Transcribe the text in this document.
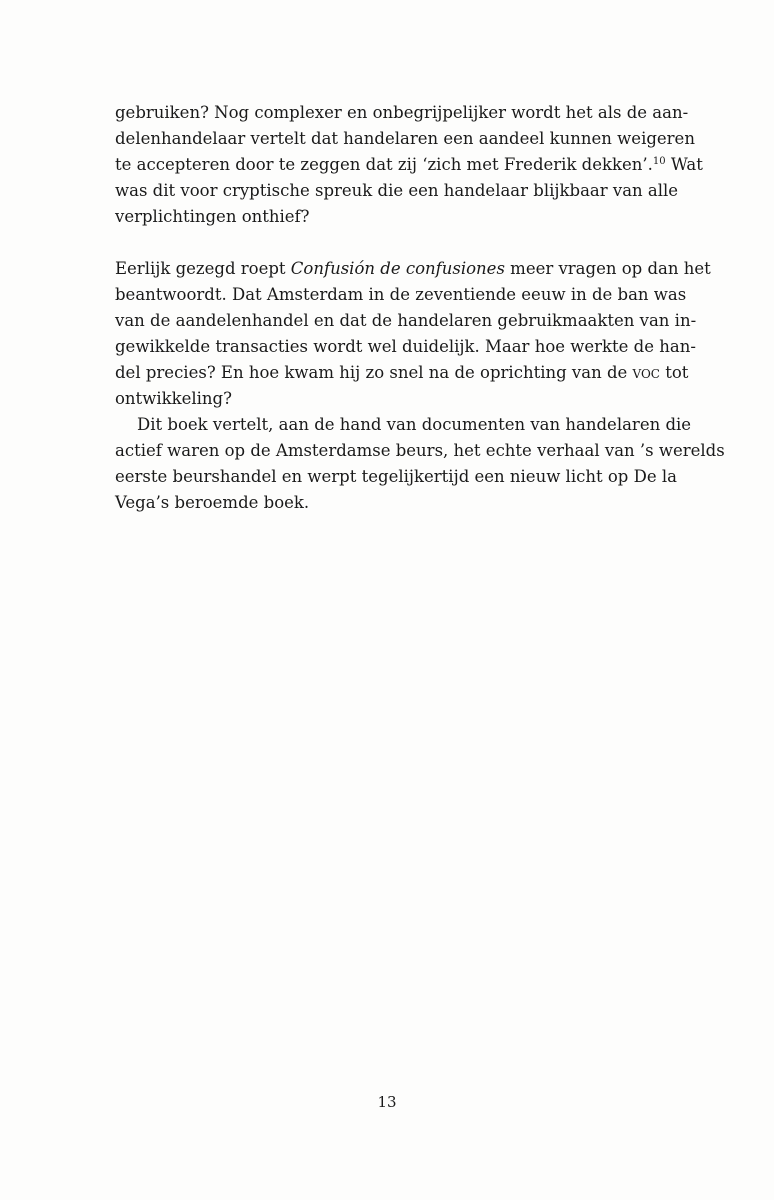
gebruiken? Nog complexer en onbegrijpelijker wordt het als de aan-
delenhandelaar vertelt dat handelaren een aandeel kunnen weigeren
te accepteren door te zeggen dat zij ‘zich met Frederik dekken’.$^{10}$ Wat
was dit voor cryptische spreuk die een handelaar blijkbaar van alle
verplichtingen onthief?
Eerlijk gezegd roept Confusión de confusiones meer vragen op dan het
beantwoordt. Dat Amsterdam in de zeventiende eeuw in de ban was
van de aandelenhandel en dat de handelaren gebruikmaakten van in-
gewikkelde transacties wordt wel duidelijk. Maar hoe werkte de han-
del precies? En hoe kwam hij zo snel na de oprichting van de voc tot
ontwikkeling?
Dit boek vertelt, aan de hand van documenten van handelaren die
actief waren op de Amsterdamse beurs, het echte verhaal van ’s werelds
eerste beurshandel en werpt tegelijkertijd een nieuw licht op De la
Vega’s beroemde boek.
13
